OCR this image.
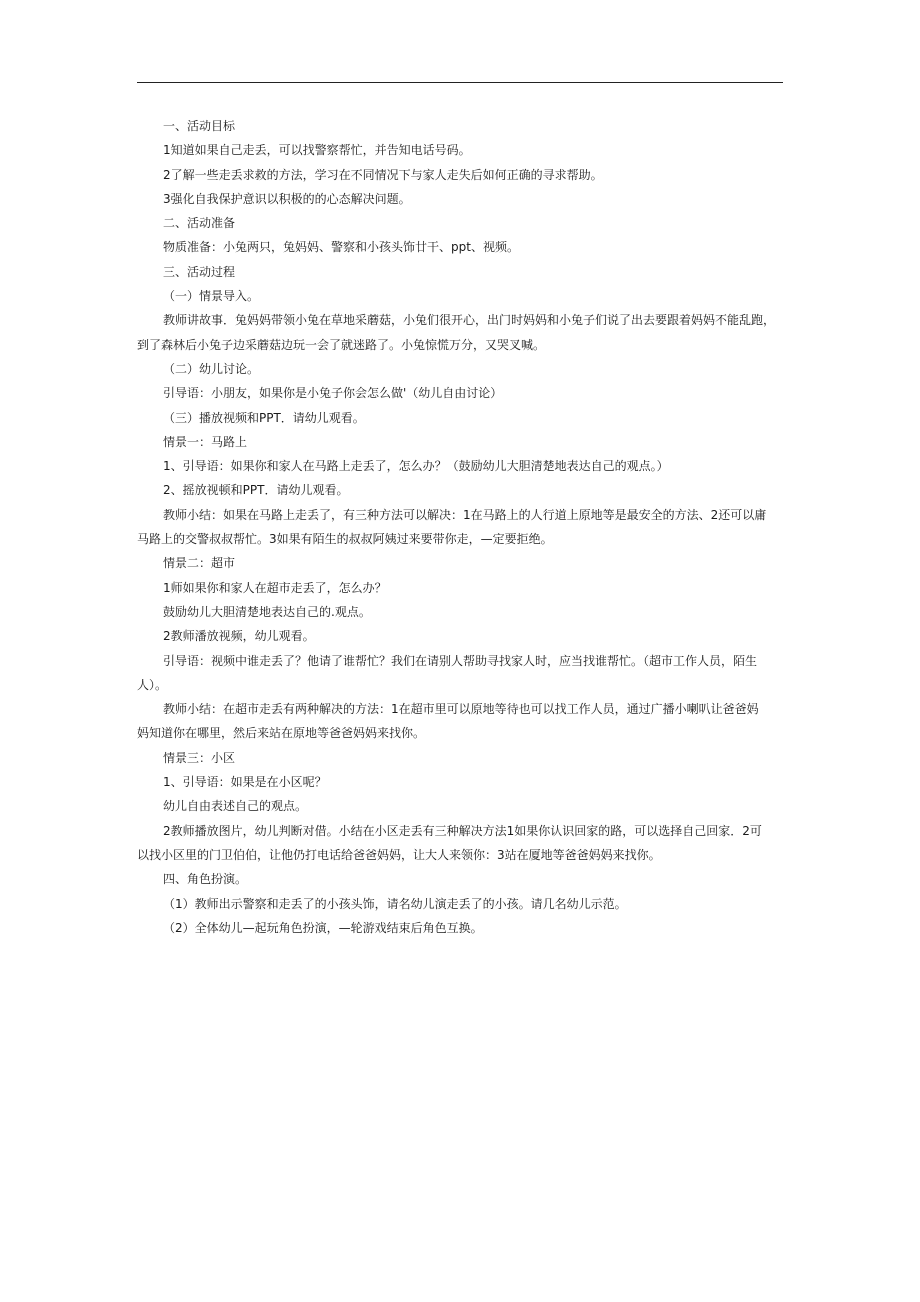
一、活动目标
1知道如果自己走丢，可以找警察帮忙，并告知电话号码。
2了解一些走丢求救的方法，学习在不同情况下与家人走失后如何正确的寻求帮助。
3强化自我保护意识以积极的的心态解决问题。
二、活动准备
物质准备：小兔两只，兔妈妈、警察和小孩头饰廿干、ppt、视频。
三、活动过程
（一）情景导入。
教师讲故事．兔妈妈带领小兔在草地采蘑菇，小兔们很开心，出门时妈妈和小兔子们说了出去要跟着妈妈不能乱跑，
到了森林后小兔子边采蘑菇边玩一会了就迷路了。小兔惊慌万分，又哭叉喊。
（二）幼儿讨论。
引导语：小朋友，如果你是小兔子你会怎么做'（幼儿自由讨论）
（三）播放视频和PPT．请幼儿观看。
情景一：马路上
1、引导语：如果你和家人在马路上走丢了，怎么办？（鼓励幼儿大胆清楚地表达自己的观点。）
2、摇放视顿和PPT．请幼儿观看。
教师小结：如果在马路上走丢了，有三种方法可以解决：1在马路上的人行道上原地等是最安全的方法、2还可以庸
马路上的交警叔叔帮忙。3如果有陌生的叔叔阿姨过来要带你走，—定要拒绝。
情景二：超市
1师如果你和家人在超市走丢了，怎么办？
鼓励幼儿大胆清楚地表达自己的.观点。
2教师潘放视频，幼儿观看。
引导语：视频中谁走丢了？他请了谁帮忙？我们在请别人帮助寻找家人时，应当找谁帮忙。（超市工作人员，陌生
人）。
教师小结：在超市走丢有两种解决的方法：1在超市里可以原地等待也可以找工作人员，通过广播小喇叭让爸爸妈
妈知道你在哪里，然后来站在原地等爸爸妈妈来找你。
情景三：小区
1、引导语：如果是在小区呢？
幼儿自由表述自己的观点。
2教师播放图片，幼儿判断对借。小结在小区走丢有三种解决方法1如果你认识回家的路，可以选择自己回家．2可
以找小区里的门卫伯伯，让他仍打电话给爸爸妈妈，让大人来领你：3站在厦地等爸爸妈妈来找你。
四、角色扮演。
（1）教师出示警察和走丢了的小孩头饰，请名幼儿演走丢了的小孩。请几名幼儿示范。
（2）全体幼儿—起玩角色扮演，—轮游戏结束后角色互换。
